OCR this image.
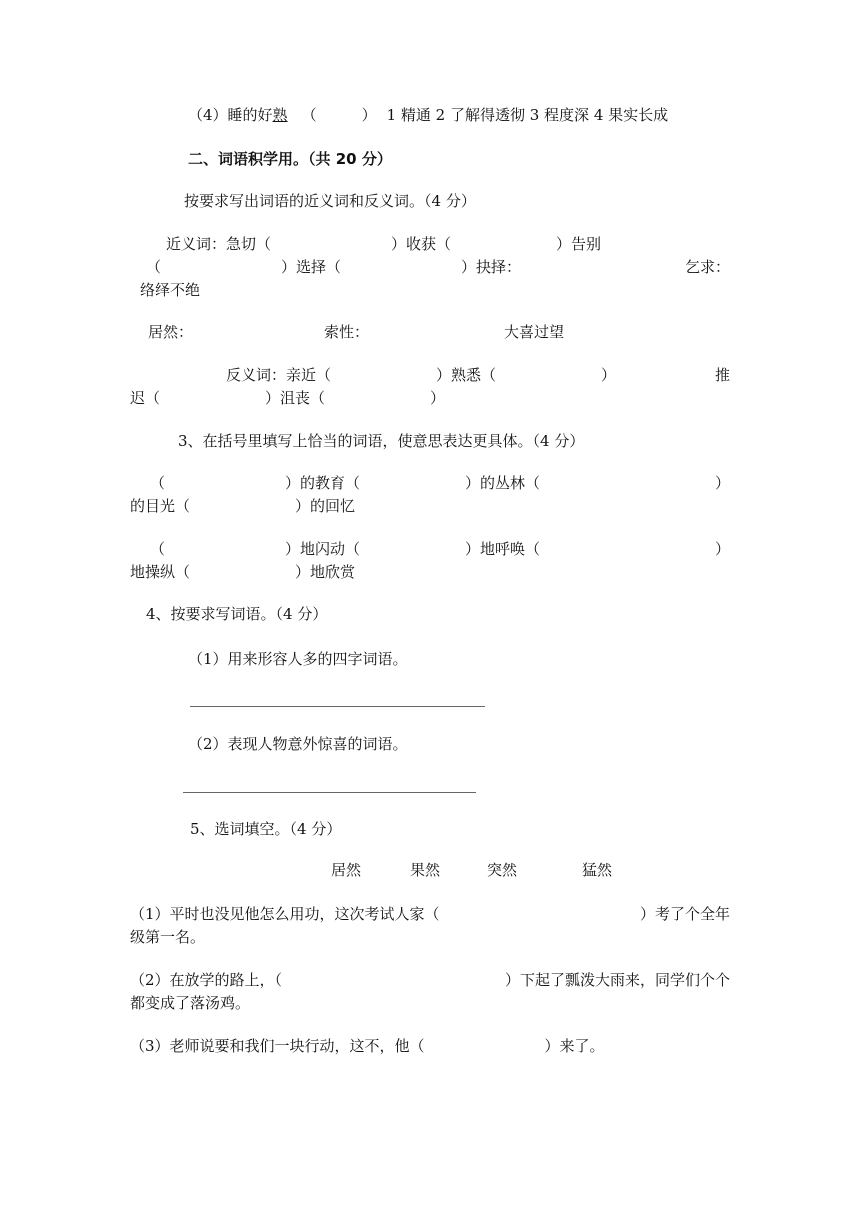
（4）睡的好熟 （　　　） 1 精通 2 了解得透彻 3 程度深 4 果实长成
二、词语积学用。（共 20 分）
按要求写出词语的近义词和反义词。（4 分）
近义词：急切（　　　　　　　　）收获（　　　　　　　）告别
（　　　　　　　　）选择（　　　　　　　　）抉择：	乞求：
络绎不绝
居然：	索性：	大喜过望
反义词：亲近（　　　　　　　）熟悉（　　　　　　　）	推
迟（　　　　　　　）沮丧（　　　　　　　）
3、在括号里填写上恰当的词语，使意思表达更具体。（4 分）
（　　　　　　　　）的教育（　　　　　　　）的丛林（	）
的目光（　　　　　　　）的回忆
（　　　　　　　　）地闪动（　　　　　　　）地呼唤（	）
地操纵（　　　　　　　）地欣赏
4、按要求写词语。（4 分）
（1）用来形容人多的四字词语。
（2）表现人物意外惊喜的词语。
5、选词填空。（4 分）
居然	果然	突然	猛然
（1）平时也没见他怎么用功，这次考试人家（	）考了个全年
级第一名。
（2）在放学的路上，（	）下起了瓢泼大雨来，同学们个个
都变成了落汤鸡。
（3）老师说要和我们一块行动，这不，他（　　　　　　　　）来了。
